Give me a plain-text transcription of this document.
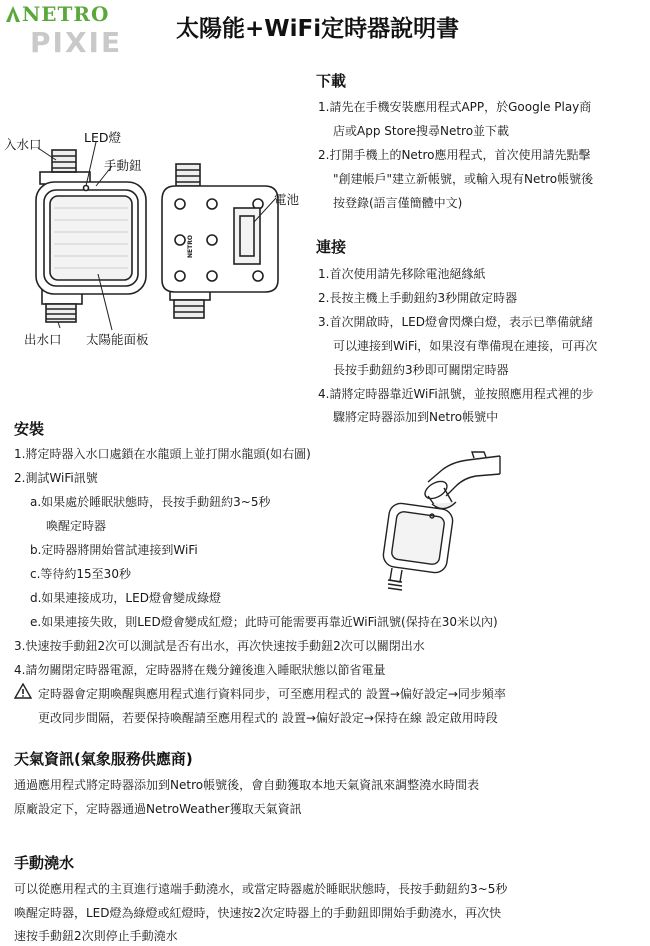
NETRO
PIXIE 太陽能+WiFi定時器說明書
NETRO
入水口	LED燈
手動鈕
電池
出水口 太陽能面板
下載
1.請先在手機安裝應用程式APP，於Google Play商
店或App Store搜尋Netro並下載
2.打開手機上的Netro應用程式，首次使用請先點擊
"創建帳戶"建立新帳號，或輸入現有Netro帳號後
按登錄(語言僅簡體中文)
連接
1.首次使用請先移除電池絕緣紙
2.長按主機上手動鈕約3秒開啟定時器
3.首次開啟時，LED燈會閃爍白燈，表示已準備就緒
可以連接到WiFi，如果沒有準備現在連接，可再次
長按手動鈕約3秒即可關閉定時器
4.請將定時器靠近WiFi訊號，並按照應用程式裡的步
驟將定時器添加到Netro帳號中
安裝
1.將定時器入水口處鎖在水龍頭上並打開水龍頭(如右圖)
2.測試WiFi訊號
a.如果處於睡眠狀態時，長按手動鈕約3~5秒
喚醒定時器
b.定時器將開始嘗試連接到WiFi
c.等待約15至30秒
d.如果連接成功，LED燈會變成綠燈
e.如果連接失敗，則LED燈會變成紅燈；此時可能需要再靠近WiFi訊號(保持在30米以內)
3.快速按手動鈕2次可以測試是否有出水，再次快速按手動鈕2次可以關閉出水
4.請勿關閉定時器電源，定時器將在幾分鐘後進入睡眠狀態以節省電量
定時器會定期喚醒與應用程式進行資料同步，可至應用程式的 設置→偏好設定→同步頻率
更改同步間隔，若要保持喚醒請至應用程式的 設置→偏好設定→保持在線 設定啟用時段
天氣資訊(氣象服務供應商)
通過應用程式將定時器添加到Netro帳號後，會自動獲取本地天氣資訊來調整澆水時間表
原廠設定下，定時器通過NetroWeather獲取天氣資訊
手動澆水
可以從應用程式的主頁進行遠端手動澆水，或當定時器處於睡眠狀態時，長按手動鈕約3~5秒
喚醒定時器，LED燈為綠燈或紅燈時，快速按2次定時器上的手動鈕即開始手動澆水，再次快
速按手動鈕2次則停止手動澆水
